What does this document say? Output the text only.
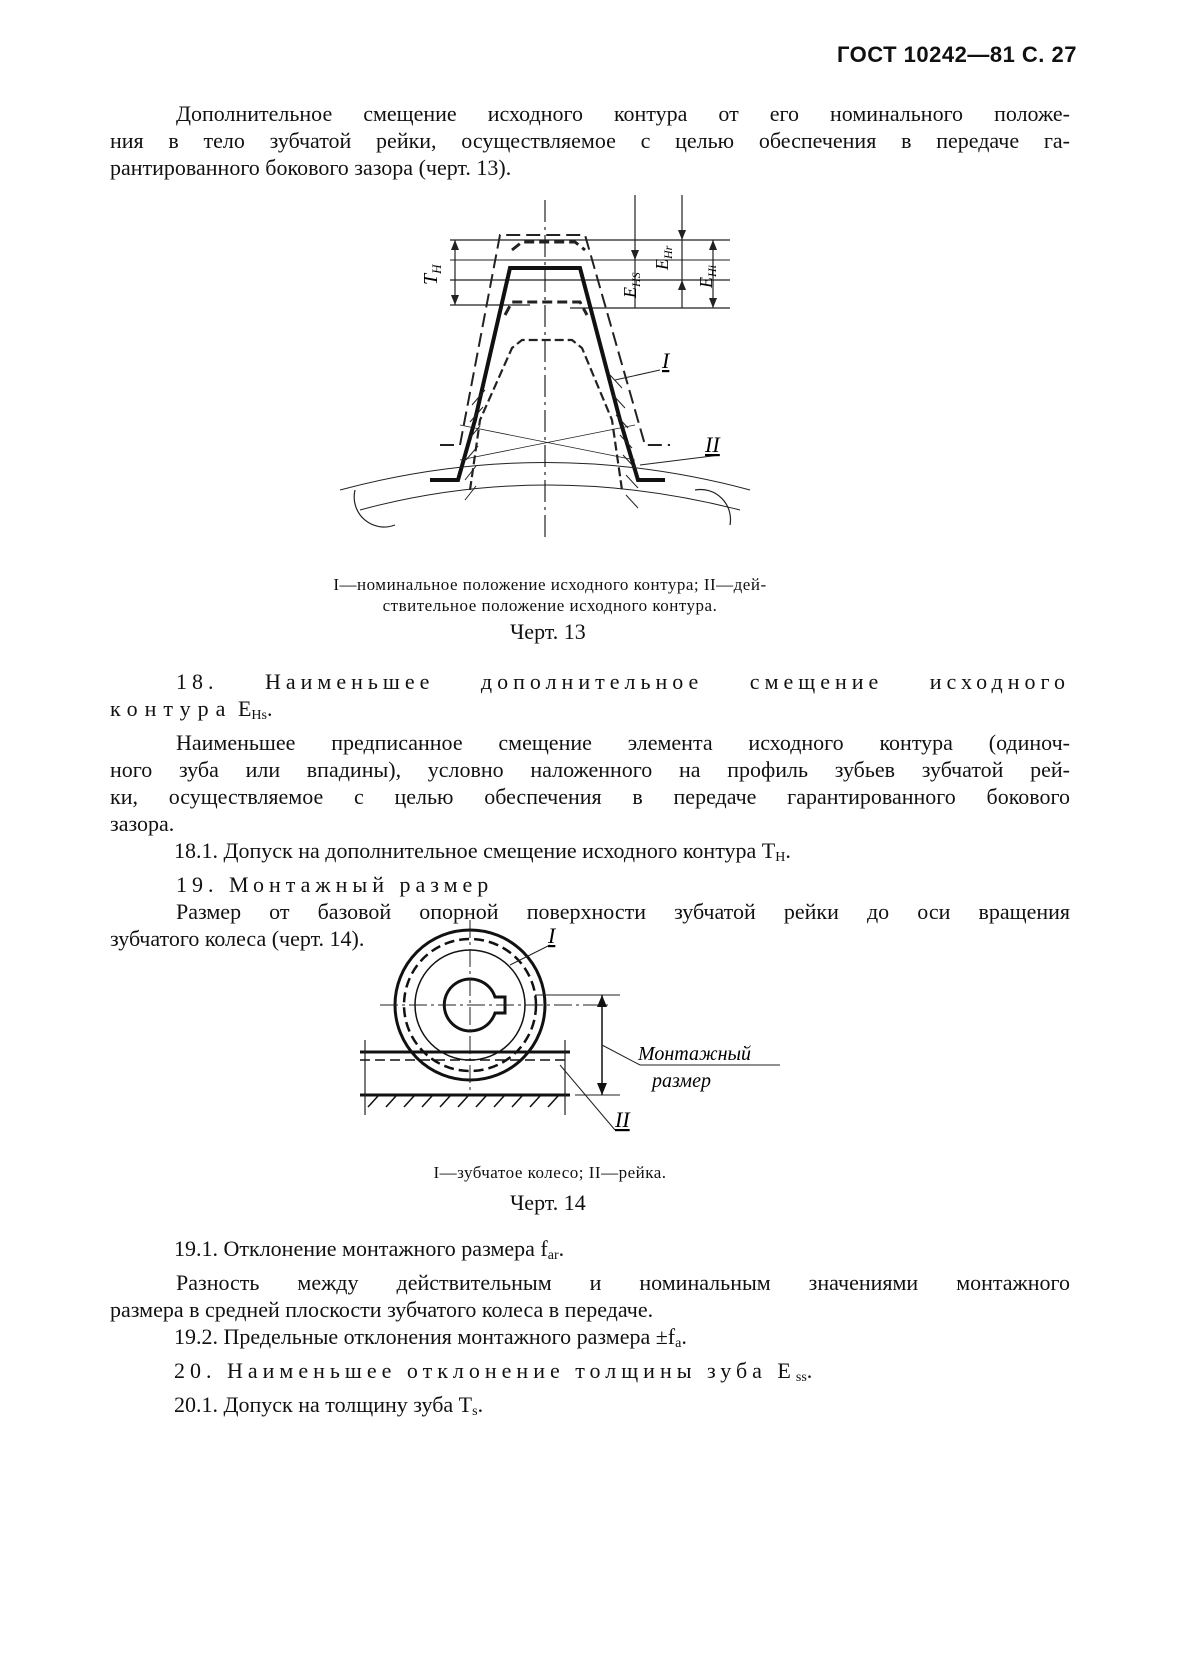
ГОСТ 10242—81 С. 27
Дополнительное смещение исходного контура от его номинального положе-
ния в тело зубчатой рейки, осуществляемое с целью обеспечения в передаче га-
рантированного бокового зазора (черт. 13).
$T_H$
$E_{HS}$
$E_{Hr}$
$E_{Hi}$
I
II
I—номинальное положение исходного контура; II—дей-
ствительное положение исходного контура.
Черт. 13
18. Наименьшее дополнительное смещение исходного
контура $E_{Hs}$.
Наименьшее предписанное смещение элемента исходного контура (одиноч-
ного зуба или впадины), условно наложенного на профиль зубьев зубчатой рей-
ки, осуществляемое с целью обеспечения в передаче гарантированного бокового
зазора.
18.1. Допуск на дополнительное смещение исходного контура $T_H$.
19. Монтажный размер
Размер от базовой опорной поверхности зубчатой рейки до оси вращения
зубчатого колеса (черт. 14).	I
II
Монтажный
размер
I—зубчатое колесо; II—рейка.
Черт. 14
19.1. Отклонение монтажного размера $f_{ar}$.
Разность между действительным и номинальным значениями монтажного
размера в средней плоскости зубчатого колеса в передаче.
19.2. Предельные отклонения монтажного размера $\pm f_a$.
20. Наименьшее отклонение толщины зуба $E_{ss}$.
20.1. Допуск на толщину зуба $T_s$.
